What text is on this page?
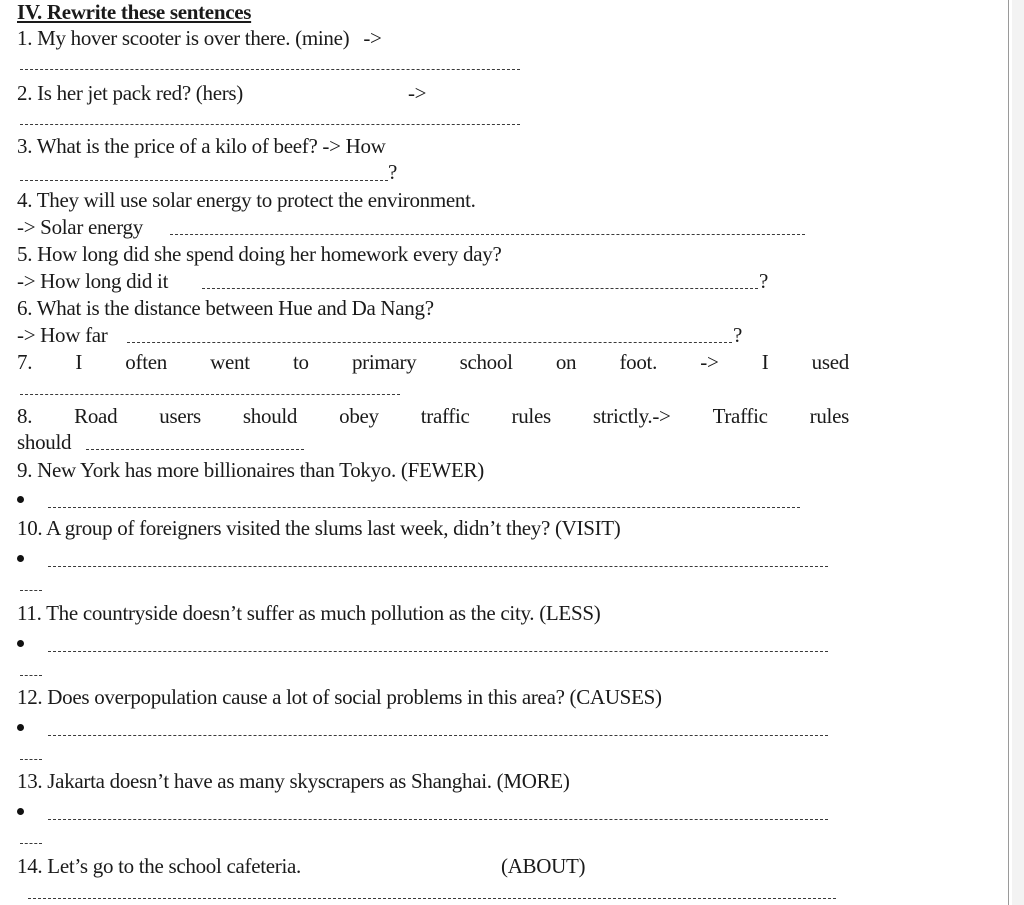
IV. Rewrite these sentences
1. My hover scooter is over there. (mine) ->
2. Is her jet pack red? (hers)	->
3. What is the price of a kilo of beef? -> How
?
4. They will use solar energy to protect the environment.
-> Solar energy
5. How long did she spend doing her homework every day?
-> How long did it	?
6. What is the distance between Hue and Da Nang?
-> How far	?
7. I often went to primary school on foot. -> I used
8. Road users should obey traffic rules strictly.-> Traffic rules
should
9. New York has more billionaires than Tokyo. (FEWER)
10. A group of foreigners visited the slums last week, didn’t they? (VISIT)
11. The countryside doesn’t suffer as much pollution as the city. (LESS)
12. Does overpopulation cause a lot of social problems in this area? (CAUSES)
13. Jakarta doesn’t have as many skyscrapers as Shanghai. (MORE)
14. Let’s go to the school cafeteria.	(ABOUT)
